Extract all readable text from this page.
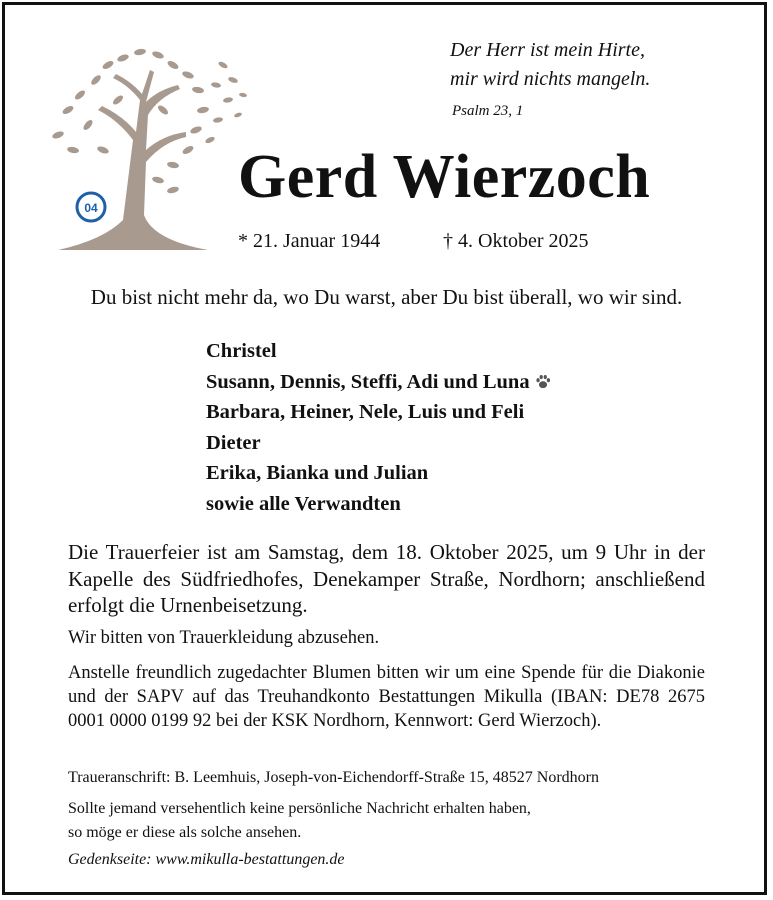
04
Der Herr ist mein Hirte,
mir wird nichts mangeln.
Psalm 23, 1
Gerd Wierzoch
* 21. Januar 1944	† 4. Oktober 2025
Du bist nicht mehr da, wo Du warst, aber Du bist überall, wo wir sind.
Christel
Susann, Dennis, Steffi, Adi und Luna
Barbara, Heiner, Nele, Luis und Feli
Dieter
Erika, Bianka und Julian
sowie alle Verwandten

Die Trauerfeier ist am Samstag, dem 18. Oktober 2025, um 9 Uhr in der Kapelle des Südfriedhofes, Denekamper Straße, Nordhorn; anschließend erfolgt die Urnenbeisetzung.

Wir bitten von Trauerkleidung abzusehen.

Anstelle freundlich zugedachter Blumen bitten wir um eine Spende für die Diakonie und der SAPV auf das Treuhandkonto Bestattungen Mikulla (IBAN: DE78 2675 0001 0000 0199 92 bei der KSK Nordhorn, Kennwort: Gerd Wierzoch).

Traueranschrift: B. Leemhuis, Joseph-von-Eichendorff-Straße 15, 48527 Nordhorn

Sollte jemand versehentlich keine persönliche Nachricht erhalten haben,
so möge er diese als solche ansehen.

Gedenkseite: www.mikulla-bestattungen.de
